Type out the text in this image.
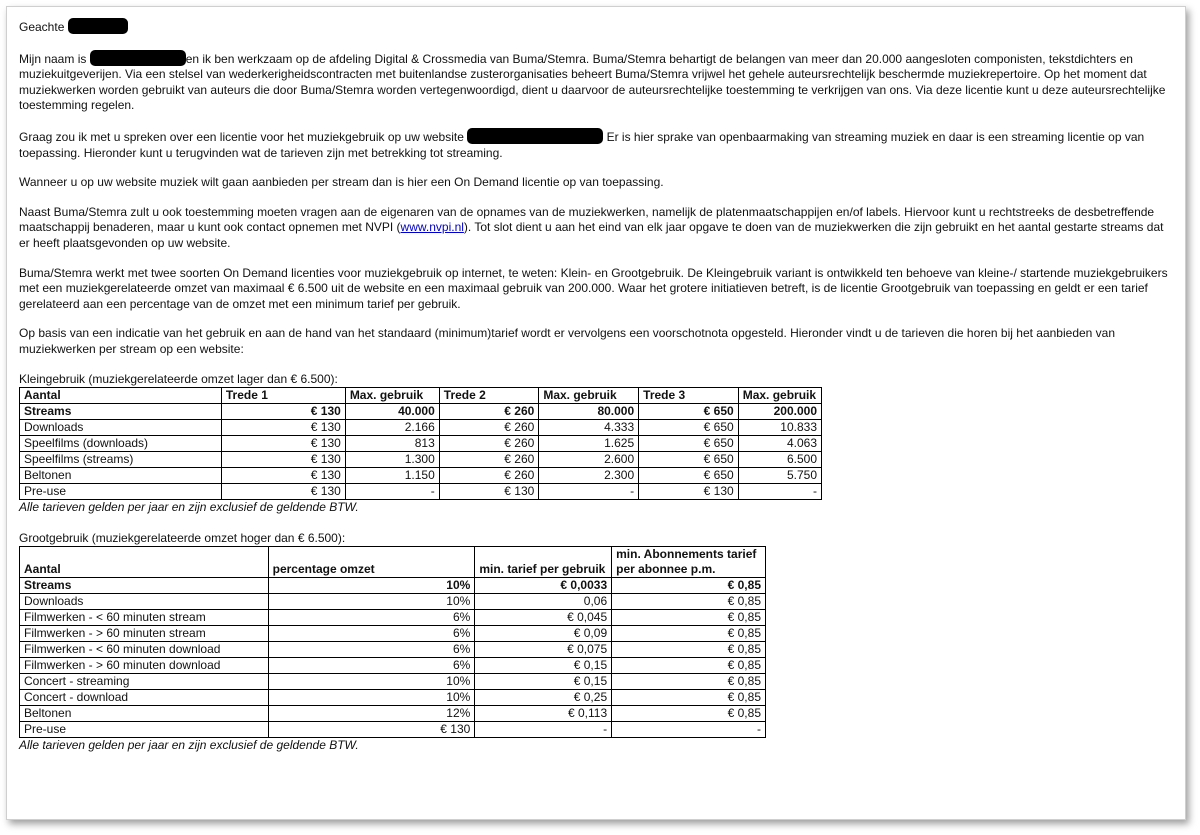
Geachte

Mijn naam is	en ik ben werkzaam op de afdeling Digital & Crossmedia van Buma/Stemra. Buma/Stemra behartigt de belangen van meer dan 20.000 aangesloten componisten, tekstdichters en muziekuitgeverijen. Via een stelsel van wederkerigheidscontracten met buitenlandse zusterorganisaties beheert Buma/Stemra vrijwel het gehele auteursrechtelijk beschermde muziekrepertoire. Op het moment dat muziekwerken worden gebruikt van auteurs die door Buma/Stemra worden vertegenwoordigd, dient u daarvoor de auteursrechtelijke toestemming te verkrijgen van ons. Via deze licentie kunt u deze auteursrechtelijke toestemming regelen.

Graag zou ik met u spreken over een licentie voor het muziekgebruik op uw website	Er is hier sprake van openbaarmaking van streaming muziek en daar is een streaming licentie op van toepassing. Hieronder kunt u terugvinden wat de tarieven zijn met betrekking tot streaming.

Wanneer u op uw website muziek wilt gaan aanbieden per stream dan is hier een On Demand licentie op van toepassing.

Naast Buma/Stemra zult u ook toestemming moeten vragen aan de eigenaren van de opnames van de muziekwerken, namelijk de platenmaatschappijen en/of labels. Hiervoor kunt u rechtstreeks de desbetreffende maatschappij benaderen, maar u kunt ook contact opnemen met NVPI (www.nvpi.nl). Tot slot dient u aan het eind van elk jaar opgave te doen van de muziekwerken die zijn gebruikt en het aantal gestarte streams dat er heeft plaatsgevonden op uw website.

Buma/Stemra werkt met twee soorten On Demand licenties voor muziekgebruik op internet, te weten: Klein- en Grootgebruik. De Kleingebruik variant is ontwikkeld ten behoeve van kleine-/ startende muziekgebruikers met een muziekgerelateerde omzet van maximaal € 6.500 uit de website en een maximaal gebruik van 200.000. Waar het grotere initiatieven betreft, is de licentie Grootgebruik van toepassing en geldt er een tarief gerelateerd aan een percentage van de omzet met een minimum tarief per gebruik.

Op basis van een indicatie van het gebruik en aan de hand van het standaard (minimum)tarief wordt er vervolgens een voorschotnota opgesteld. Hieronder vindt u de tarieven die horen bij het aanbieden van muziekwerken per stream op een website:

Kleingebruik (muziekgerelateerde omzet lager dan € 6.500):
Aantal	Trede 1	Max. gebruik	Trede 2	Max. gebruik	Trede 3	Max. gebruik
Streams	€ 130	40.000	€ 260	80.000	€ 650	200.000
Downloads	€ 130	2.166	€ 260	4.333	€ 650	10.833
Speelfilms (downloads)	€ 130	813	€ 260	1.625	€ 650	4.063
Speelfilms (streams)	€ 130	1.300	€ 260	2.600	€ 650	6.500
Beltonen	€ 130	1.150	€ 260	2.300	€ 650	5.750
Pre-use	€ 130	-	€ 130	-	€ 130	-
Alle tarieven gelden per jaar en zijn exclusief de geldende BTW.
Grootgebruik (muziekgerelateerde omzet hoger dan € 6.500):
Aantal	percentage omzet	min. tarief per gebruik	min. Abonnements tarief per abonnee p.m.
Streams	10%	€ 0,0033	€ 0,85
Downloads	10%	0,06	€ 0,85
Filmwerken - < 60 minuten stream	6%	€ 0,045	€ 0,85
Filmwerken - > 60 minuten stream	6%	€ 0,09	€ 0,85
Filmwerken - < 60 minuten download	6%	€ 0,075	€ 0,85
Filmwerken - > 60 minuten download	6%	€ 0,15	€ 0,85
Concert - streaming	10%	€ 0,15	€ 0,85
Concert - download	10%	€ 0,25	€ 0,85
Beltonen	12%	€ 0,113	€ 0,85
Pre-use	€ 130	-	-
Alle tarieven gelden per jaar en zijn exclusief de geldende BTW.
